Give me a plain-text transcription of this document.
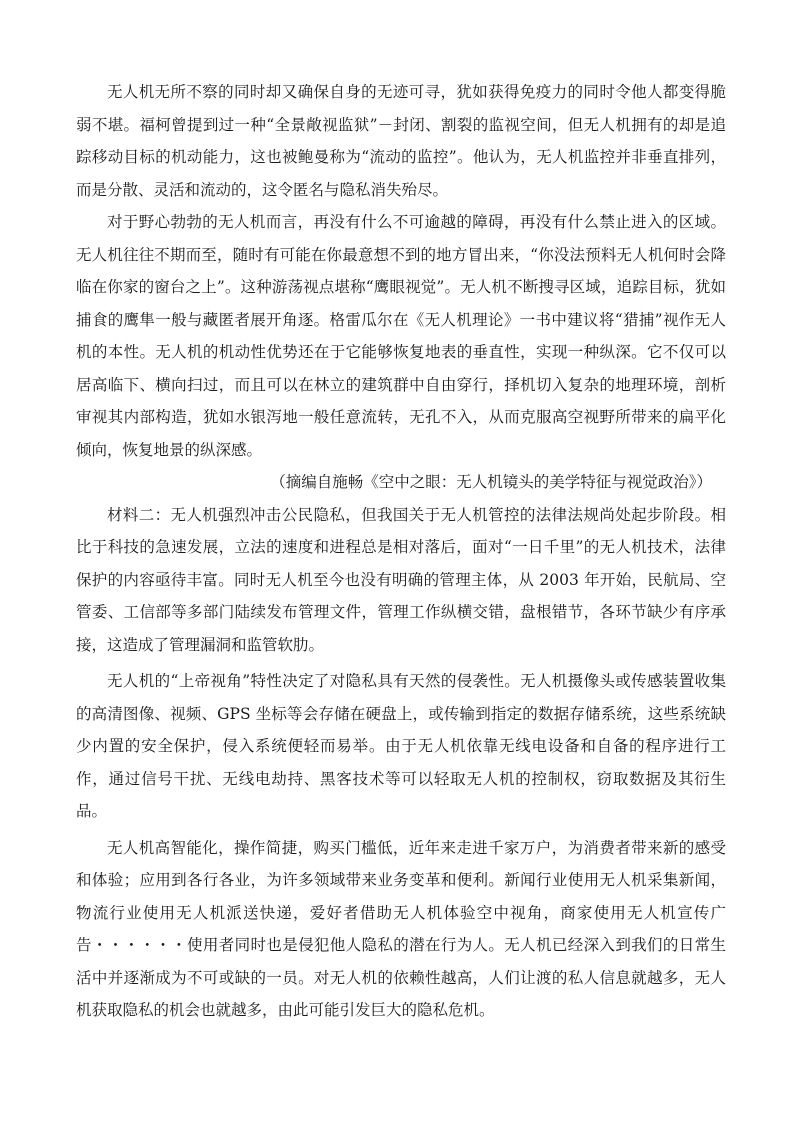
无人机无所不察的同时却又确保自身的无迹可寻，犹如获得免疫力的同时令他人都变得脆弱不堪。福柯曾提到过一种“全景敞视监狱”－封闭、割裂的监视空间，但无人机拥有的却是追踪移动目标的机动能力，这也被鲍曼称为“流动的监控”。他认为，无人机监控并非垂直排列，而是分散、灵活和流动的，这令匿名与隐私消失殆尽。

对于野心勃勃的无人机而言，再没有什么不可逾越的障碍，再没有什么禁止进入的区域。无人机往往不期而至，随时有可能在你最意想不到的地方冒出来，“你没法预料无人机何时会降临在你家的窗台之上”。这种游荡视点堪称“鹰眼视觉”。无人机不断搜寻区域，追踪目标，犹如捕食的鹰隼一般与藏匿者展开角逐。格雷瓜尔在《无人机理论》一书中建议将“猎捕”视作无人机的本性。无人机的机动性优势还在于它能够恢复地表的垂直性，实现一种纵深。它不仅可以居高临下、横向扫过，而且可以在林立的建筑群中自由穿行，择机切入复杂的地理环境，剖析审视其内部构造，犹如水银泻地一般任意流转，无孔不入，从而克服高空视野所带来的扁平化倾向，恢复地景的纵深感。

（摘编自施畅《空中之眼：无人机镜头的美学特征与视觉政治》）

材料二：无人机强烈冲击公民隐私，但我国关于无人机管控的法律法规尚处起步阶段。相比于科技的急速发展，立法的速度和进程总是相对落后，面对“一日千里”的无人机技术，法律保护的内容亟待丰富。同时无人机至今也没有明确的管理主体，从 2003 年开始，民航局、空管委、工信部等多部门陆续发布管理文件，管理工作纵横交错，盘根错节，各环节缺少有序承接，这造成了管理漏洞和监管软肋。

无人机的“上帝视角”特性决定了对隐私具有天然的侵袭性。无人机摄像头或传感装置收集的高清图像、视频、GPS 坐标等会存储在硬盘上，或传输到指定的数据存储系统，这些系统缺少内置的安全保护，侵入系统便轻而易举。由于无人机依靠无线电设备和自备的程序进行工作，通过信号干扰、无线电劫持、黑客技术等可以轻取无人机的控制权，窃取数据及其衍生品。

无人机高智能化，操作简捷，购买门槛低，近年来走进千家万户，为消费者带来新的感受和体验；应用到各行各业，为许多领域带来业务变革和便利。新闻行业使用无人机采集新闻，物流行业使用无人机派送快递，爱好者借助无人机体验空中视角，商家使用无人机宣传广告・・・・・・使用者同时也是侵犯他人隐私的潜在行为人。无人机已经深入到我们的日常生活中并逐渐成为不可或缺的一员。对无人机的依赖性越高，人们让渡的私人信息就越多，无人机获取隐私的机会也就越多，由此可能引发巨大的隐私危机。
